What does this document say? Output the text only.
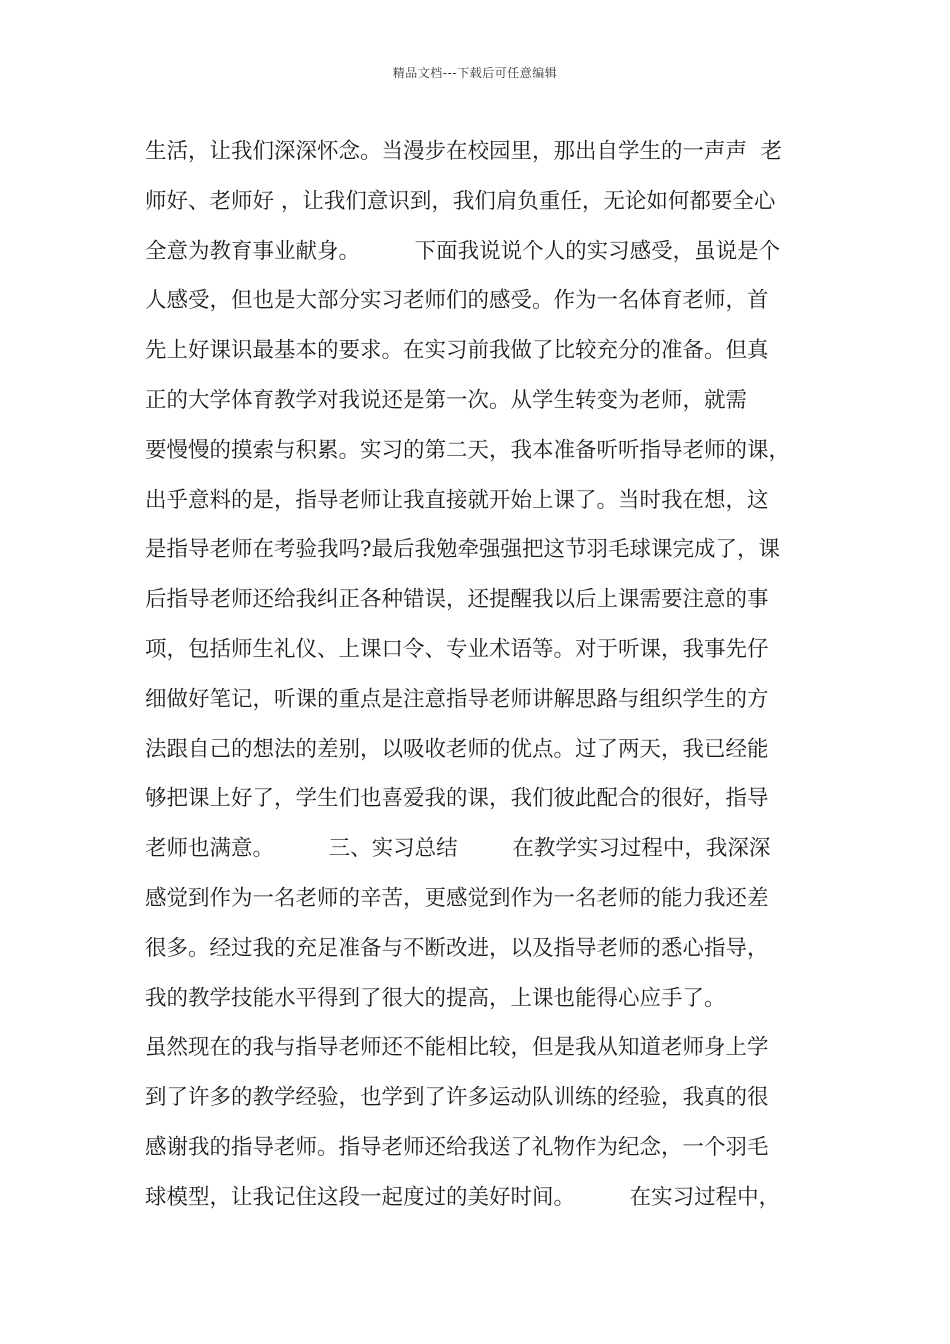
精品文档---下载后可任意编辑
生活，让我们深深怀念。当漫步在校园里，那出自学生的一声声  老
师好、老师好 ，让我们意识到，我们肩负重任，无论如何都要全心
全意为教育事业献身。        下面我说说个人的实习感受，虽说是个
人感受，但也是大部分实习老师们的感受。作为一名体育老师，首
先上好课识最基本的要求。在实习前我做了比较充分的准备。但真
正的大学体育教学对我说还是第一次。从学生转变为老师，就需
要慢慢的摸索与积累。实习的第二天，我本准备听听指导老师的课，
出乎意料的是，指导老师让我直接就开始上课了。当时我在想，这
是指导老师在考验我吗?最后我勉牵强强把这节羽毛球课完成了，课
后指导老师还给我纠正各种错误，还提醒我以后上课需要注意的事
项，包括师生礼仪、上课口令、专业术语等。对于听课，我事先仔
细做好笔记，听课的重点是注意指导老师讲解思路与组织学生的方
法跟自己的想法的差别，以吸收老师的优点。过了两天，我已经能
够把课上好了，学生们也喜爱我的课，我们彼此配合的很好，指导
老师也满意。        三、实习总结        在教学实习过程中，我深深
感觉到作为一名老师的辛苦，更感觉到作为一名老师的能力我还差
很多。经过我的充足准备与不断改进，以及指导老师的悉心指导，
我的教学技能水平得到了很大的提高，上课也能得心应手了。
虽然现在的我与指导老师还不能相比较，但是我从知道老师身上学
到了许多的教学经验，也学到了许多运动队训练的经验，我真的很
感谢我的指导老师。指导老师还给我送了礼物作为纪念，一个羽毛
球模型，让我记住这段一起度过的美好时间。        在实习过程中，
